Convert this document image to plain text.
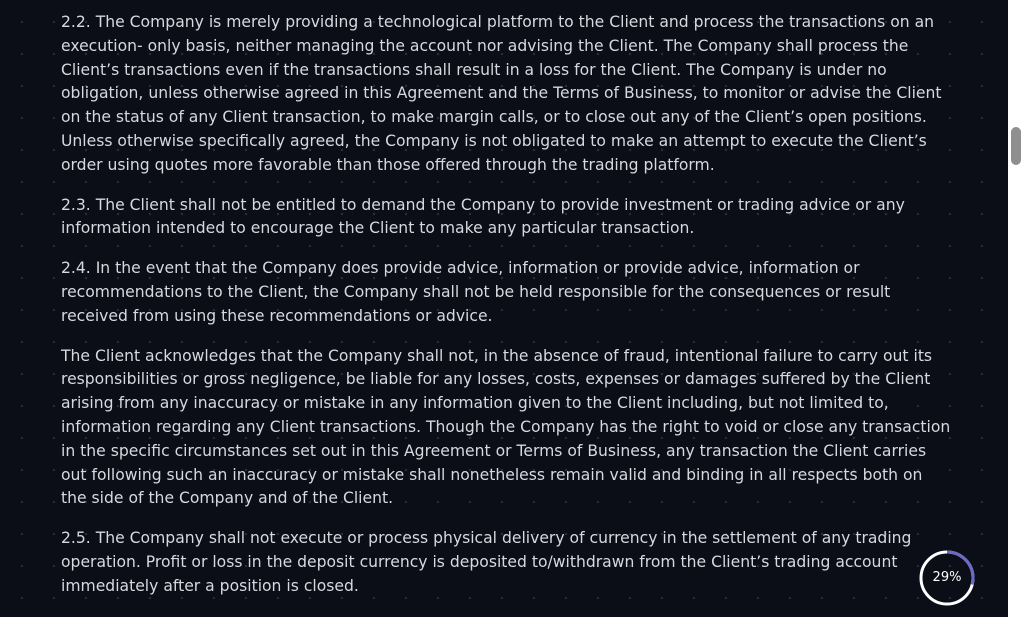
2.2. The Company is merely providing a technological platform to the Client and process the transactions on an execution- only basis, neither managing the account nor advising the Client. The Company shall process the Client’s transactions even if the transactions shall result in a loss for the Client. The Company is under no obligation, unless otherwise agreed in this Agreement and the Terms of Business, to monitor or advise the Client on the status of any Client transaction, to make margin calls, or to close out any of the Client’s open positions. Unless otherwise specifically agreed, the Company is not obligated to make an attempt to execute the Client’s order using quotes more favorable than those offered through the trading platform.

2.3. The Client shall not be entitled to demand the Company to provide investment or trading advice or any information intended to encourage the Client to make any particular transaction.

2.4. In the event that the Company does provide advice, information or provide advice, information or recommendations to the Client, the Company shall not be held responsible for the consequences or result received from using these recommendations or advice.

The Client acknowledges that the Company shall not, in the absence of fraud, intentional failure to carry out its responsibilities or gross negligence, be liable for any losses, costs, expenses or damages suffered by the Client arising from any inaccuracy or mistake in any information given to the Client including, but not limited to, information regarding any Client transactions. Though the Company has the right to void or close any transaction in the specific circumstances set out in this Agreement or Terms of Business, any transaction the Client carries out following such an inaccuracy or mistake shall nonetheless remain valid and binding in all respects both on the side of the Company and of the Client.

2.5. The Company shall not execute or process physical delivery of currency in the settlement of any trading operation. Profit or loss in the deposit currency is deposited to/withdrawn from the Client’s trading account immediately after a position is closed.	29%
